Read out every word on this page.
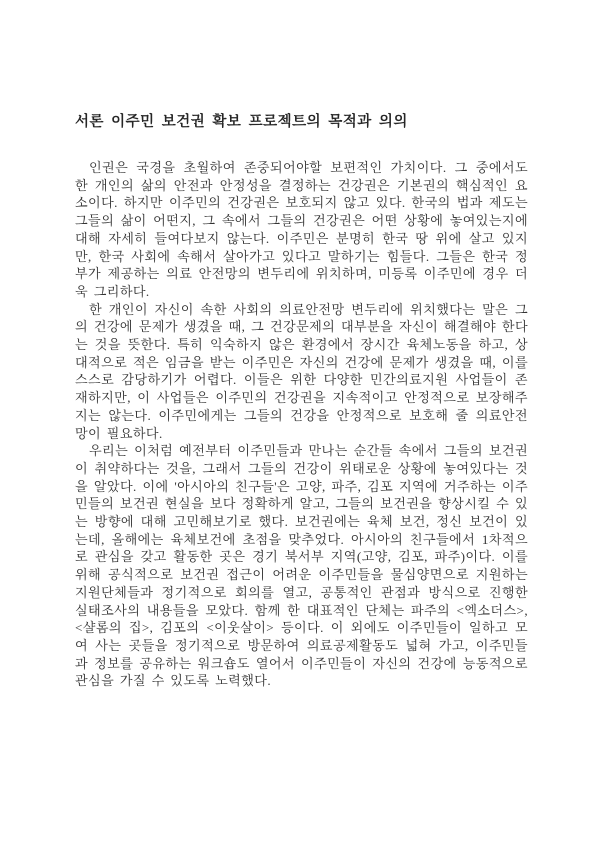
서론 이주민 보건권 확보 프로젝트의 목적과 의의

인권은 국경을 초월하여 존중되어야할 보편적인 가치이다. 그 중에서도 한 개인의 삶의 안전과 안정성을 결정하는 건강권은 기본권의 핵심적인 요소이다. 하지만 이주민의 건강권은 보호되지 않고 있다. 한국의 법과 제도는 그들의 삶이 어떤지, 그 속에서 그들의 건강권은 어떤 상황에 놓여있는지에 대해 자세히 들여다보지 않는다. 이주민은 분명히 한국 땅 위에 살고 있지만, 한국 사회에 속해서 살아가고 있다고 말하기는 힘들다. 그들은 한국 정부가 제공하는 의료 안전망의 변두리에 위치하며, 미등록 이주민에 경우 더욱 그리하다.

한 개인이 자신이 속한 사회의 의료안전망 변두리에 위치했다는 말은 그의 건강에 문제가 생겼을 때, 그 건강문제의 대부분을 자신이 해결해야 한다는 것을 뜻한다. 특히 익숙하지 않은 환경에서 장시간 육체노동을 하고, 상대적으로 적은 임금을 받는 이주민은 자신의 건강에 문제가 생겼을 때, 이를 스스로 감당하기가 어렵다. 이들은 위한 다양한 민간의료지원 사업들이 존재하지만, 이 사업들은 이주민의 건강권을 지속적이고 안정적으로 보장해주지는 않는다. 이주민에게는 그들의 건강을 안정적으로 보호해 줄 의료안전망이 필요하다.

우리는 이처럼 예전부터 이주민들과 만나는 순간들 속에서 그들의 보건권이 취약하다는 것을, 그래서 그들의 건강이 위태로운 상황에 놓여있다는 것을 알았다. 이에 '아시아의 친구들'은 고양, 파주, 김포 지역에 거주하는 이주민들의 보건권 현실을 보다 정확하게 알고, 그들의 보건권을 향상시킬 수 있는 방향에 대해 고민해보기로 했다. 보건권에는 육체 보건, 정신 보건이 있는데, 올해에는 육체보건에 초점을 맞추었다. 아시아의 친구들에서 1차적으로 관심을 갖고 활동한 곳은 경기 북서부 지역(고양, 김포, 파주)이다. 이를 위해 공식적으로 보건권 접근이 어려운 이주민들을 물심양면으로 지원하는 지원단체들과 정기적으로 회의를 열고, 공통적인 관점과 방식으로 진행한 실태조사의 내용들을 모았다. 함께 한 대표적인 단체는 파주의 <엑소더스>, <샬롬의 집>, 김포의 <이웃살이> 등이다. 이 외에도 이주민들이 일하고 모여 사는 곳들을 정기적으로 방문하여 의료공제활동도 넓혀 가고, 이주민들과 정보를 공유하는 워크숍도 열어서 이주민들이 자신의 건강에 능동적으로 관심을 가질 수 있도록 노력했다.
